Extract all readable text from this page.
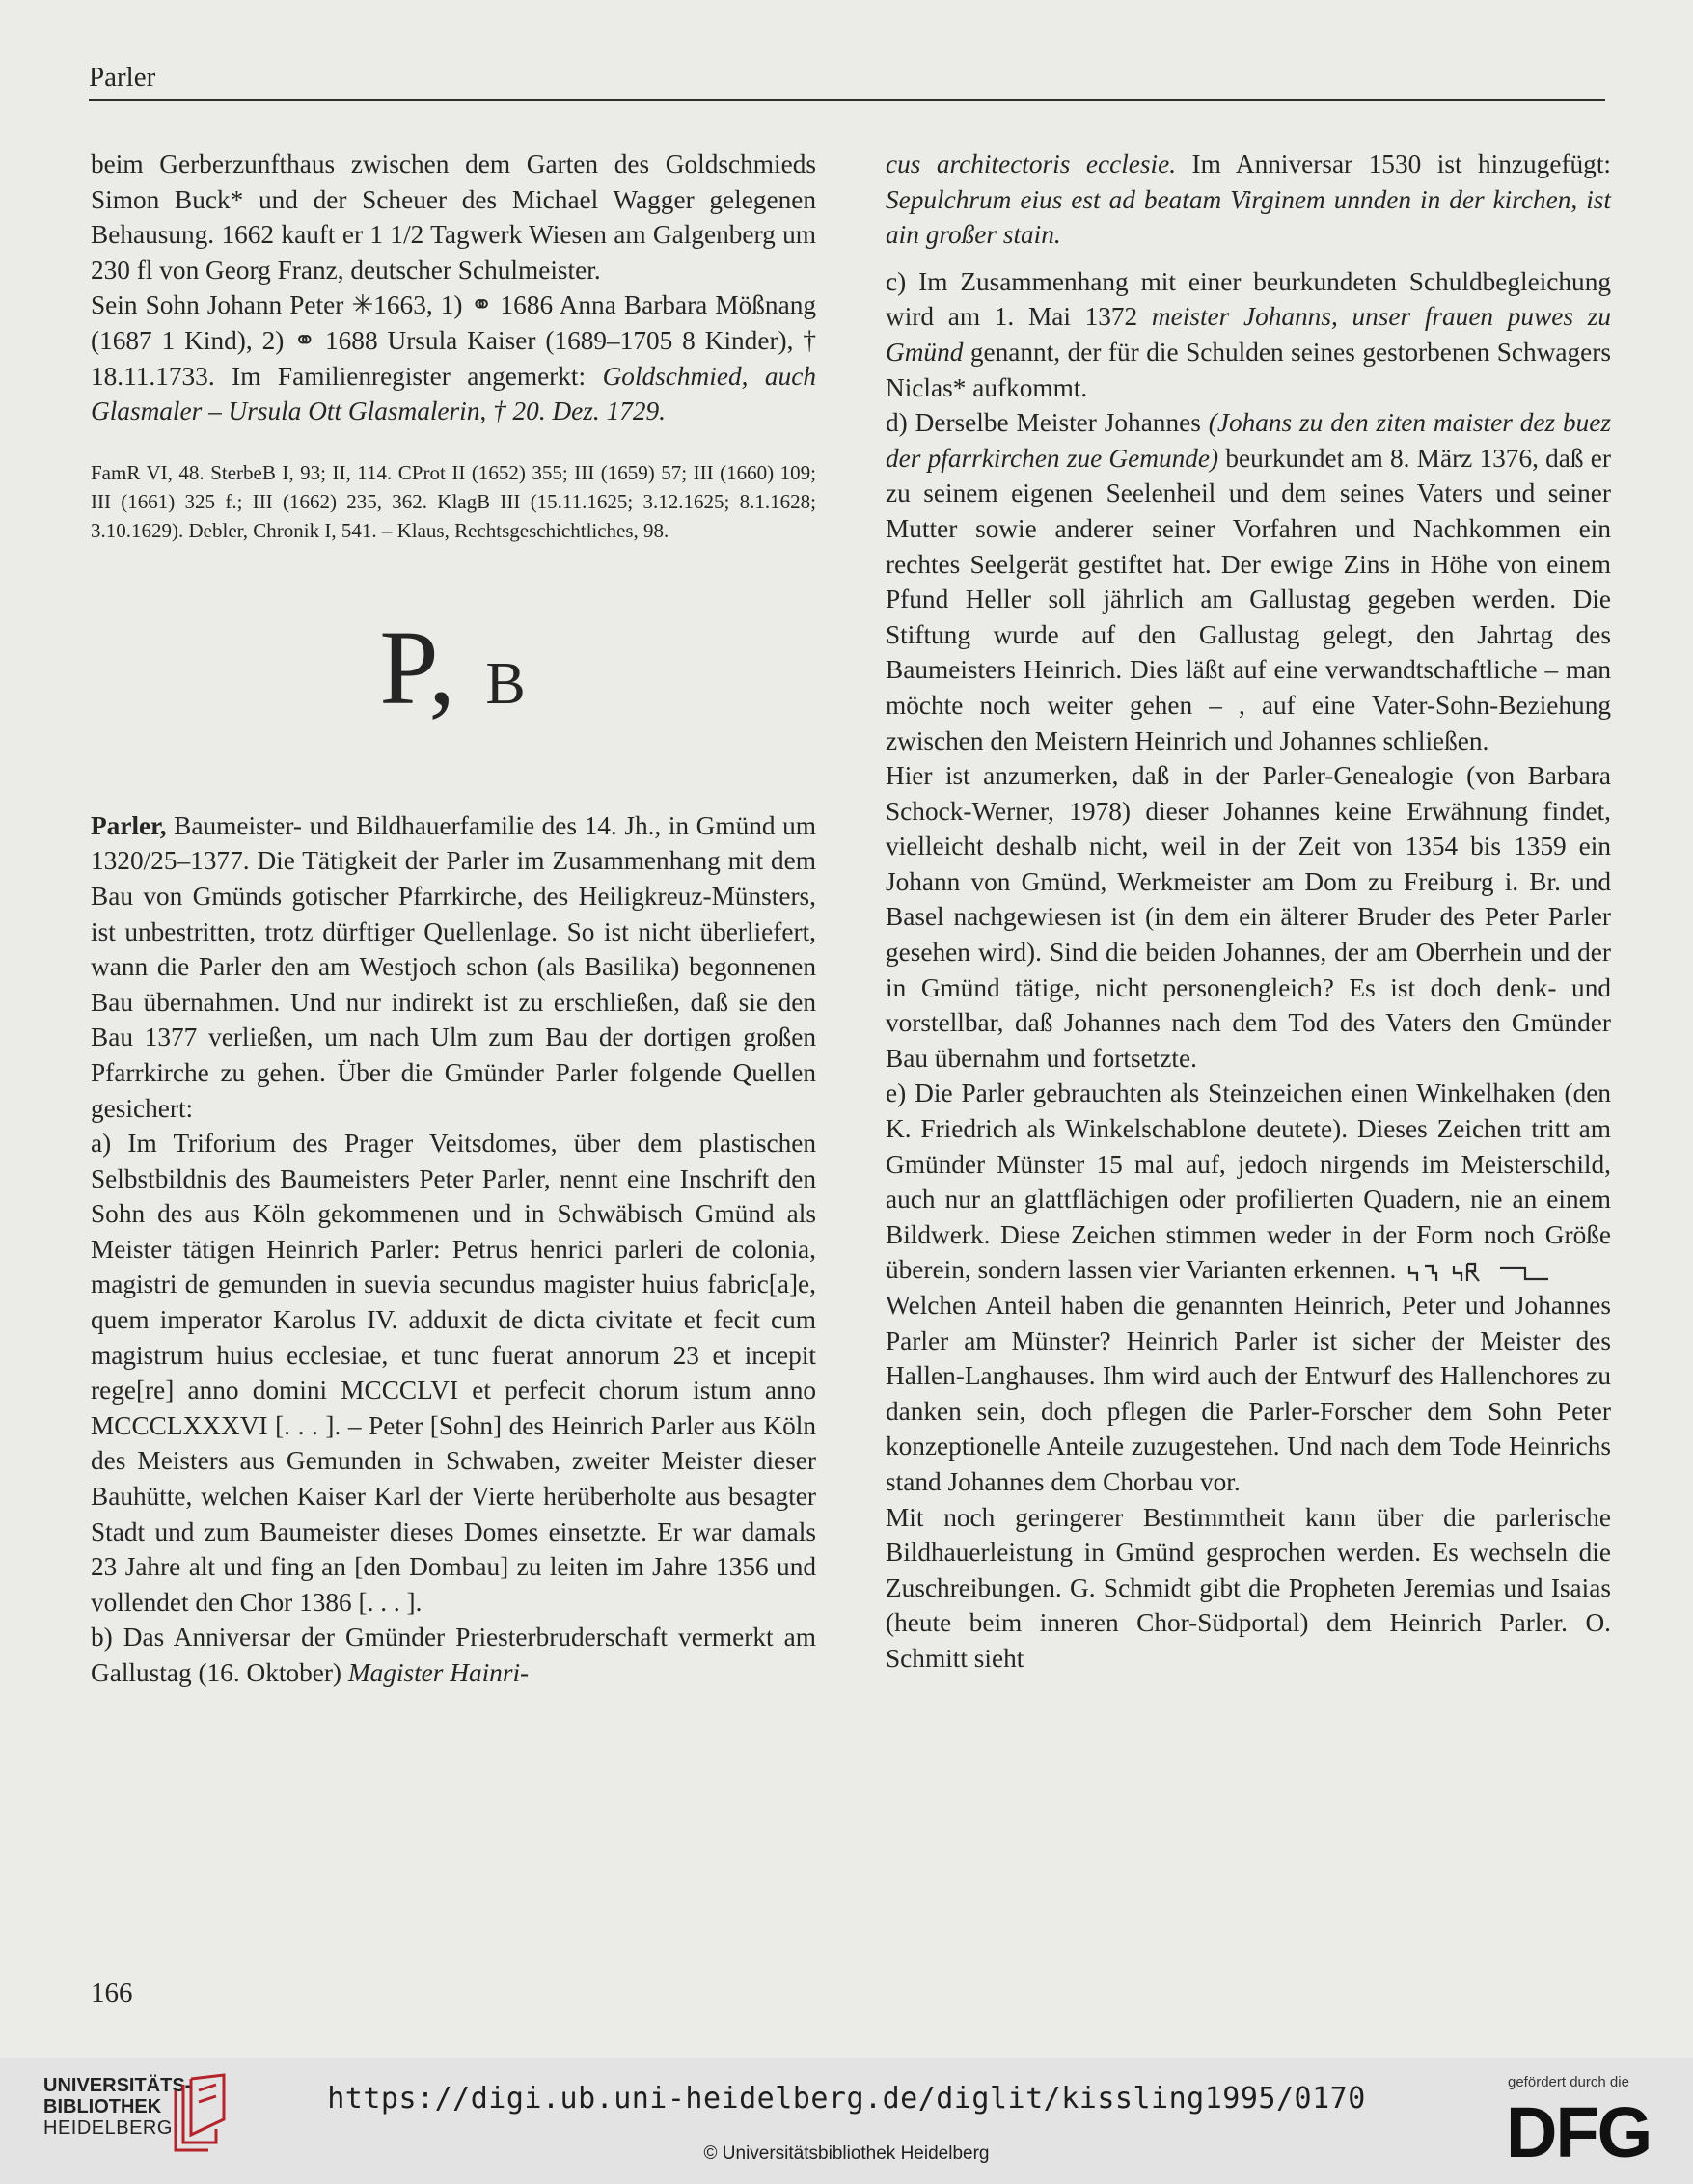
Parler

beim Gerberzunfthaus zwischen dem Garten des Goldschmieds Simon Buck* und der Scheuer des Michael Wagger gelegenen Behausung. 1662 kauft er 1 1/2 Tagwerk Wiesen am Galgenberg um 230 fl von Georg Franz, deutscher Schulmeister.

Sein Sohn Johann Peter ✳1663, 1) ⚭ 1686 Anna Barbara Mößnang (1687 1 Kind), 2) ⚭ 1688 Ursula Kaiser (1689–1705 8 Kinder), † 18.11.1733. Im Familienregister angemerkt: Goldschmied, auch Glasmaler – Ursula Ott Glasmalerin, † 20. Dez. 1729.

FamR VI, 48. SterbeB I, 93; II, 114. CProt II (1652) 355; III (1659) 57; III (1660) 109; III (1661) 325 f.; III (1662) 235, 362. KlagB III (15.11.1625; 3.12.1625; 8.1.1628; 3.10.1629). Debler, Chronik I, 541. – Klaus, Rechtsgeschichtliches, 98.

P, B

Parler, Baumeister- und Bildhauerfamilie des 14. Jh., in Gmünd um 1320/25–1377. Die Tätigkeit der Parler im Zusammenhang mit dem Bau von Gmünds gotischer Pfarrkirche, des Heiligkreuz-Münsters, ist unbestritten, trotz dürftiger Quellenlage. So ist nicht überliefert, wann die Parler den am Westjoch schon (als Basilika) begonnenen Bau übernahmen. Und nur indirekt ist zu erschließen, daß sie den Bau 1377 verließen, um nach Ulm zum Bau der dortigen großen Pfarrkirche zu gehen. Über die Gmünder Parler folgende Quellen gesichert:

a) Im Triforium des Prager Veitsdomes, über dem plastischen Selbstbildnis des Baumeisters Peter Parler, nennt eine Inschrift den Sohn des aus Köln gekommenen und in Schwäbisch Gmünd als Meister tätigen Heinrich Parler: Petrus henrici parleri de colonia, magistri de gemunden in suevia secundus magister huius fabric[a]e, quem imperator Karolus IV. adduxit de dicta civitate et fecit cum magistrum huius ecclesiae, et tunc fuerat annorum 23 et incepit rege[re] anno domini MCCCLVI et perfecit chorum istum anno MCCCLXXXVI [. . . ]. – Peter [Sohn] des Heinrich Parler aus Köln des Meisters aus Gemunden in Schwaben, zweiter Meister dieser Bauhütte, welchen Kaiser Karl der Vierte herüberholte aus besagter Stadt und zum Baumeister dieses Domes einsetzte. Er war damals 23 Jahre alt und fing an [den Dombau] zu leiten im Jahre 1356 und vollendet den Chor 1386 [. . . ].

b) Das Anniversar der Gmünder Priesterbruderschaft vermerkt am Gallustag (16. Oktober) Magister Hainri-

cus architectoris ecclesie. Im Anniversar 1530 ist hinzugefügt: Sepulchrum eius est ad beatam Virginem unnden in der kirchen, ist ain großer stain.

c) Im Zusammenhang mit einer beurkundeten Schuldbegleichung wird am 1. Mai 1372 meister Johanns, unser frauen puwes zu Gmünd genannt, der für die Schulden seines gestorbenen Schwagers Niclas* aufkommt.

d) Derselbe Meister Johannes (Johans zu den ziten maister dez buez der pfarrkirchen zue Gemunde) beurkundet am 8. März 1376, daß er zu seinem eigenen Seelenheil und dem seines Vaters und seiner Mutter sowie anderer seiner Vorfahren und Nachkommen ein rechtes Seelgerät gestiftet hat. Der ewige Zins in Höhe von einem Pfund Heller soll jährlich am Gallustag gegeben werden. Die Stiftung wurde auf den Gallustag gelegt, den Jahrtag des Baumeisters Heinrich. Dies läßt auf eine verwandtschaftliche – man möchte noch weiter gehen – , auf eine Vater-Sohn-Beziehung zwischen den Meistern Heinrich und Johannes schließen.

Hier ist anzumerken, daß in der Parler-Genealogie (von Barbara Schock-Werner, 1978) dieser Johannes keine Erwähnung findet, vielleicht deshalb nicht, weil in der Zeit von 1354 bis 1359 ein Johann von Gmünd, Werkmeister am Dom zu Freiburg i. Br. und Basel nachgewiesen ist (in dem ein älterer Bruder des Peter Parler gesehen wird). Sind die beiden Johannes, der am Oberrhein und der in Gmünd tätige, nicht personengleich? Es ist doch denk- und vorstellbar, daß Johannes nach dem Tod des Vaters den Gmünder Bau übernahm und fortsetzte.

e) Die Parler gebrauchten als Steinzeichen einen Winkelhaken (den K. Friedrich als Winkelschablone deutete). Dieses Zeichen tritt am Gmünder Münster 15 mal auf, jedoch nirgends im Meisterschild, auch nur an glattflächigen oder profilierten Quadern, nie an einem Bildwerk. Diese Zeichen stimmen weder in der Form noch Größe überein, sondern lassen vier Varianten erkennen.

Welchen Anteil haben die genannten Heinrich, Peter und Johannes Parler am Münster? Heinrich Parler ist sicher der Meister des Hallen-Langhauses. Ihm wird auch der Entwurf des Hallenchores zu danken sein, doch pflegen die Parler-Forscher dem Sohn Peter konzeptionelle Anteile zuzugestehen. Und nach dem Tode Heinrichs stand Johannes dem Chorbau vor.

Mit noch geringerer Bestimmtheit kann über die parlerische Bildhauerleistung in Gmünd gesprochen werden. Es wechseln die Zuschreibungen. G. Schmidt gibt die Propheten Jeremias und Isaias (heute beim inneren Chor-Südportal) dem Heinrich Parler. O. Schmitt sieht

166
UNIVERSITÄTS-
BIBLIOTHEK
HEIDELBERG
https://digi.ub.uni-heidelberg.de/diglit/kissling1995/0170
© Universitätsbibliothek Heidelberg
gefördert durch die
DFG
